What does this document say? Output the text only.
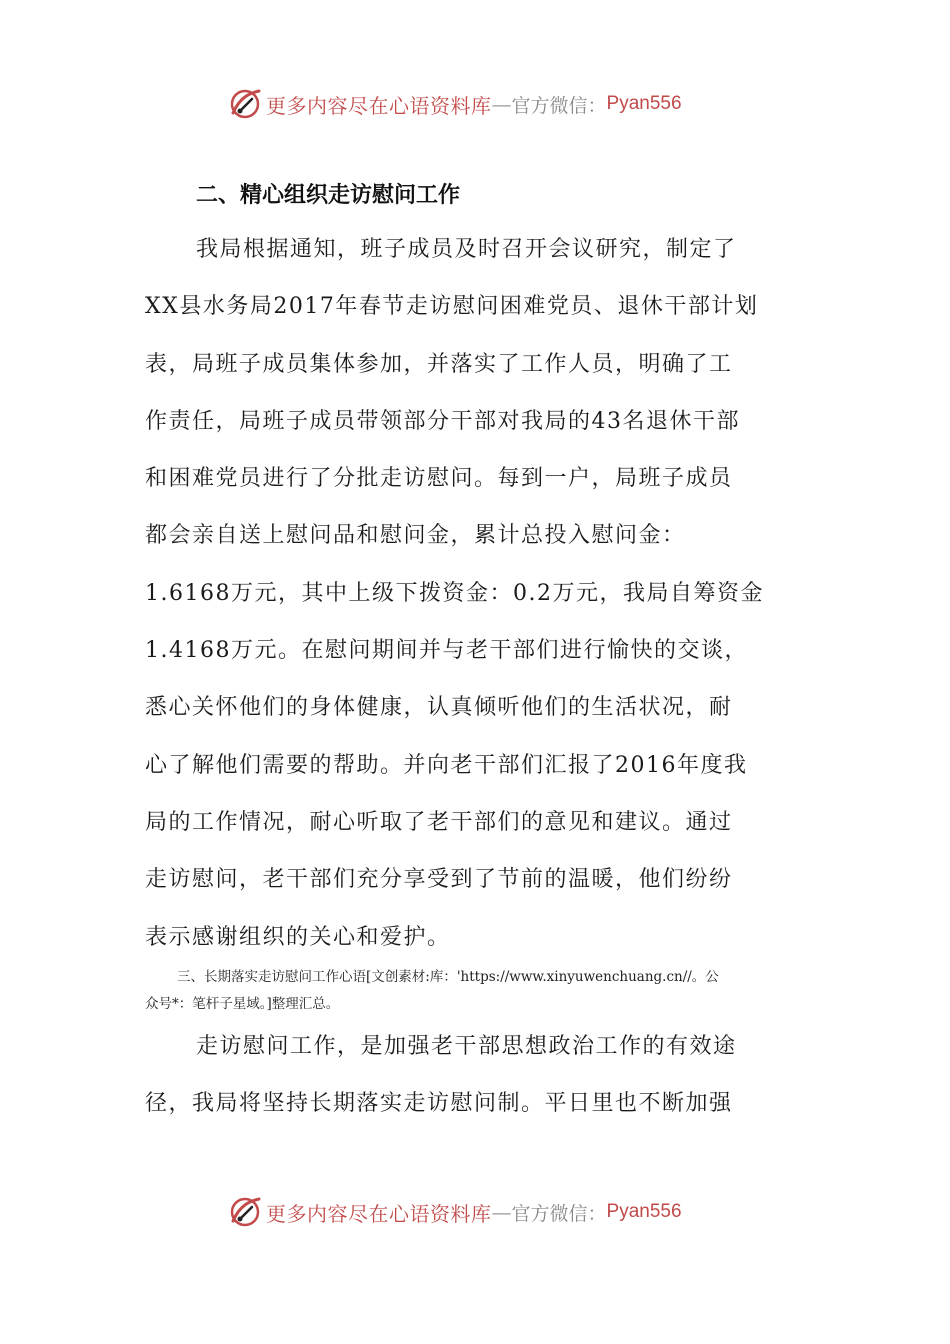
更多内容尽在心语资料库 — 官方微信： Pyan556
二、精心组织走访慰问工作
我局根据通知，班子成员及时召开会议研究，制定了
XX县水务局2017年春节走访慰问困难党员、退休干部计划
表，局班子成员集体参加，并落实了工作人员，明确了工
作责任，局班子成员带领部分干部对我局的43名退休干部
和困难党员进行了分批走访慰问。每到一户，局班子成员
都会亲自送上慰问品和慰问金，累计总投入慰问金：
1.6168万元，其中上级下拨资金：0.2万元，我局自筹资金
1.4168万元。在慰问期间并与老干部们进行愉快的交谈，
悉心关怀他们的身体健康，认真倾听他们的生活状况，耐
心了解他们需要的帮助。并向老干部们汇报了2016年度我
局的工作情况，耐心听取了老干部们的意见和建议。通过
走访慰问，老干部们充分享受到了节前的温暖，他们纷纷
表示感谢组织的关心和爱护。
三、长期落实走访慰问工作心语[文创素材:库：'https://www.xinyuwenchuang.cn//。公
众号*：笔杆子星域。]整理汇总。
走访慰问工作，是加强老干部思想政治工作的有效途
径，我局将坚持长期落实走访慰问制。平日里也不断加强
更多内容尽在心语资料库 — 官方微信： Pyan556
